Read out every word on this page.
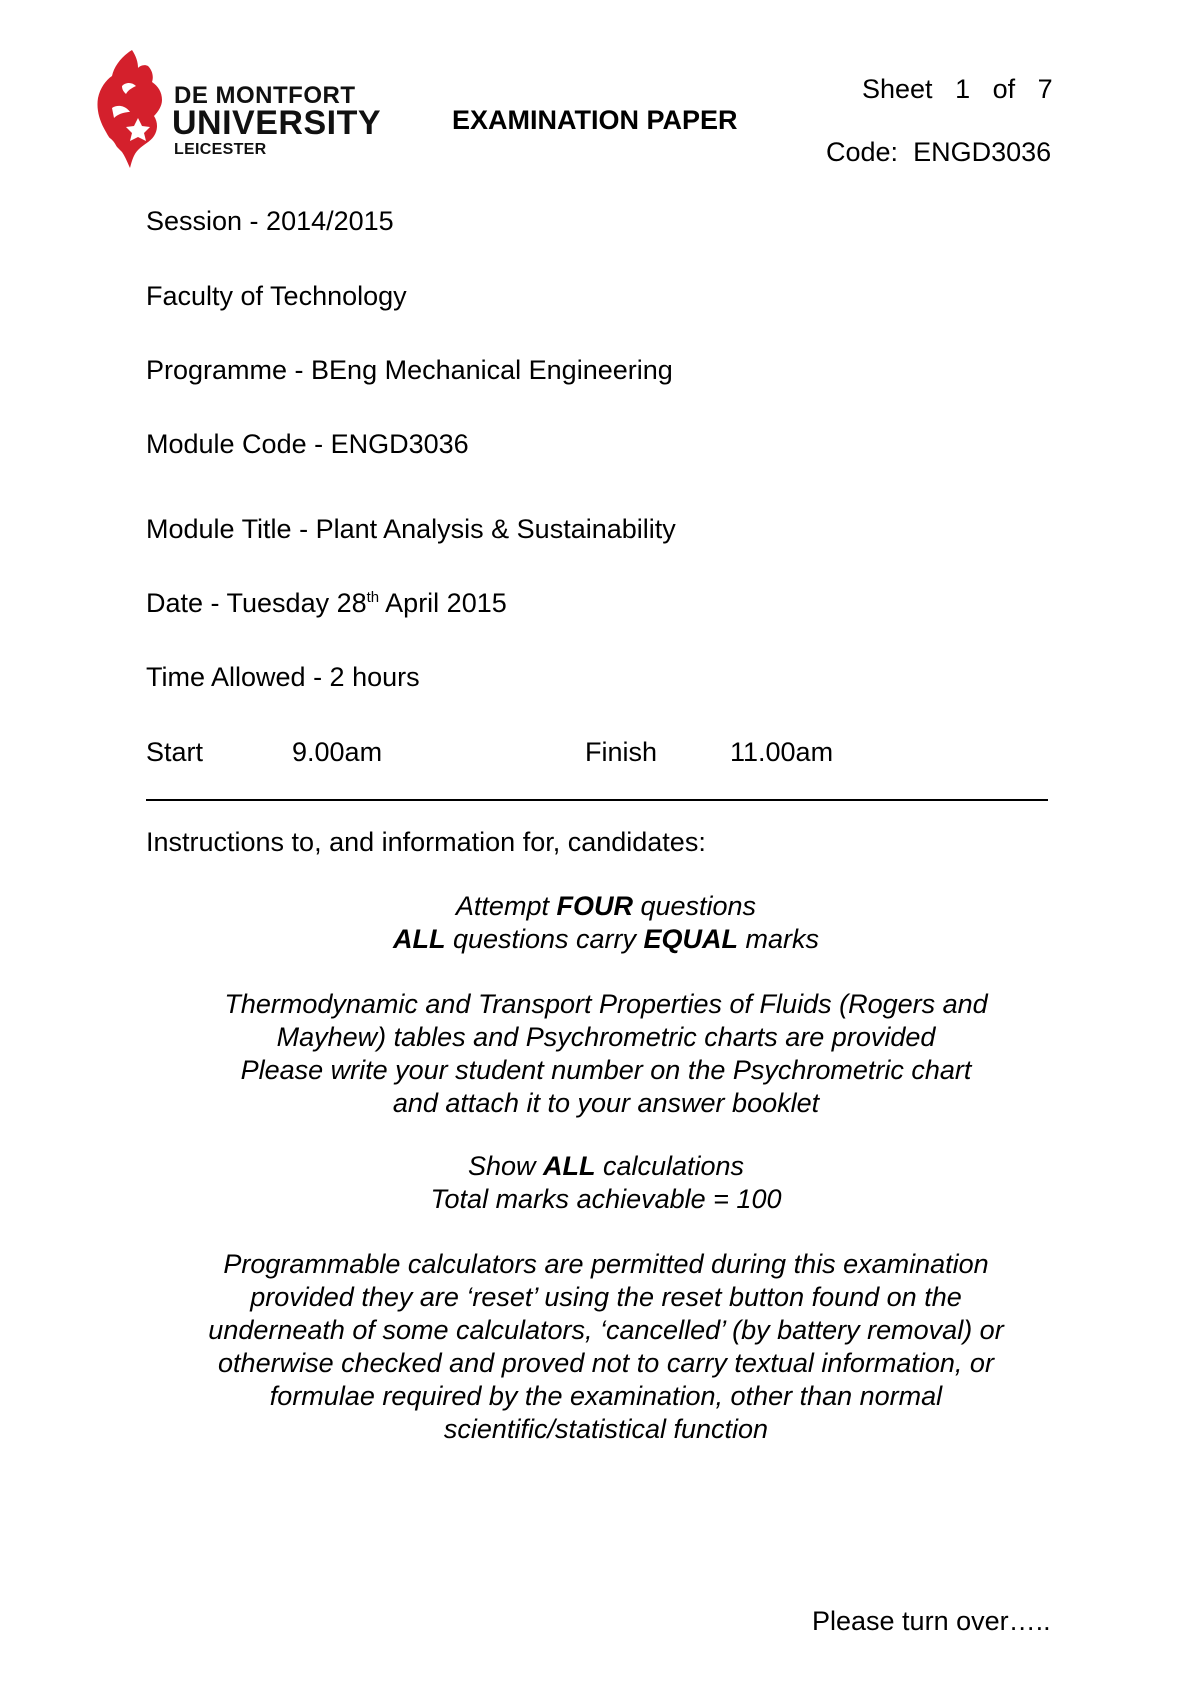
DE MONTFORT
UNIVERSITY
LEICESTER
EXAMINATION PAPER
Sheet 1 of 7
Code: ENGD3036
Session - 2014/2015
Faculty of Technology
Programme - BEng Mechanical Engineering
Module Code - ENGD3036
Module Title - Plant Analysis & Sustainability
Date - Tuesday 28th April 2015
Time Allowed - 2 hours
Start	9.00am	Finish	11.00am
Instructions to, and information for, candidates:
Attempt FOUR questions
ALL questions carry EQUAL marks
Thermodynamic and Transport Properties of Fluids (Rogers and
Mayhew) tables and Psychrometric charts are provided
Please write your student number on the Psychrometric chart
and attach it to your answer booklet
Show ALL calculations
Total marks achievable = 100
Programmable calculators are permitted during this examination
provided they are ‘reset’ using the reset button found on the
underneath of some calculators, ‘cancelled’ (by battery removal) or
otherwise checked and proved not to carry textual information, or
formulae required by the examination, other than normal
scientific/statistical function
Please turn over…..
